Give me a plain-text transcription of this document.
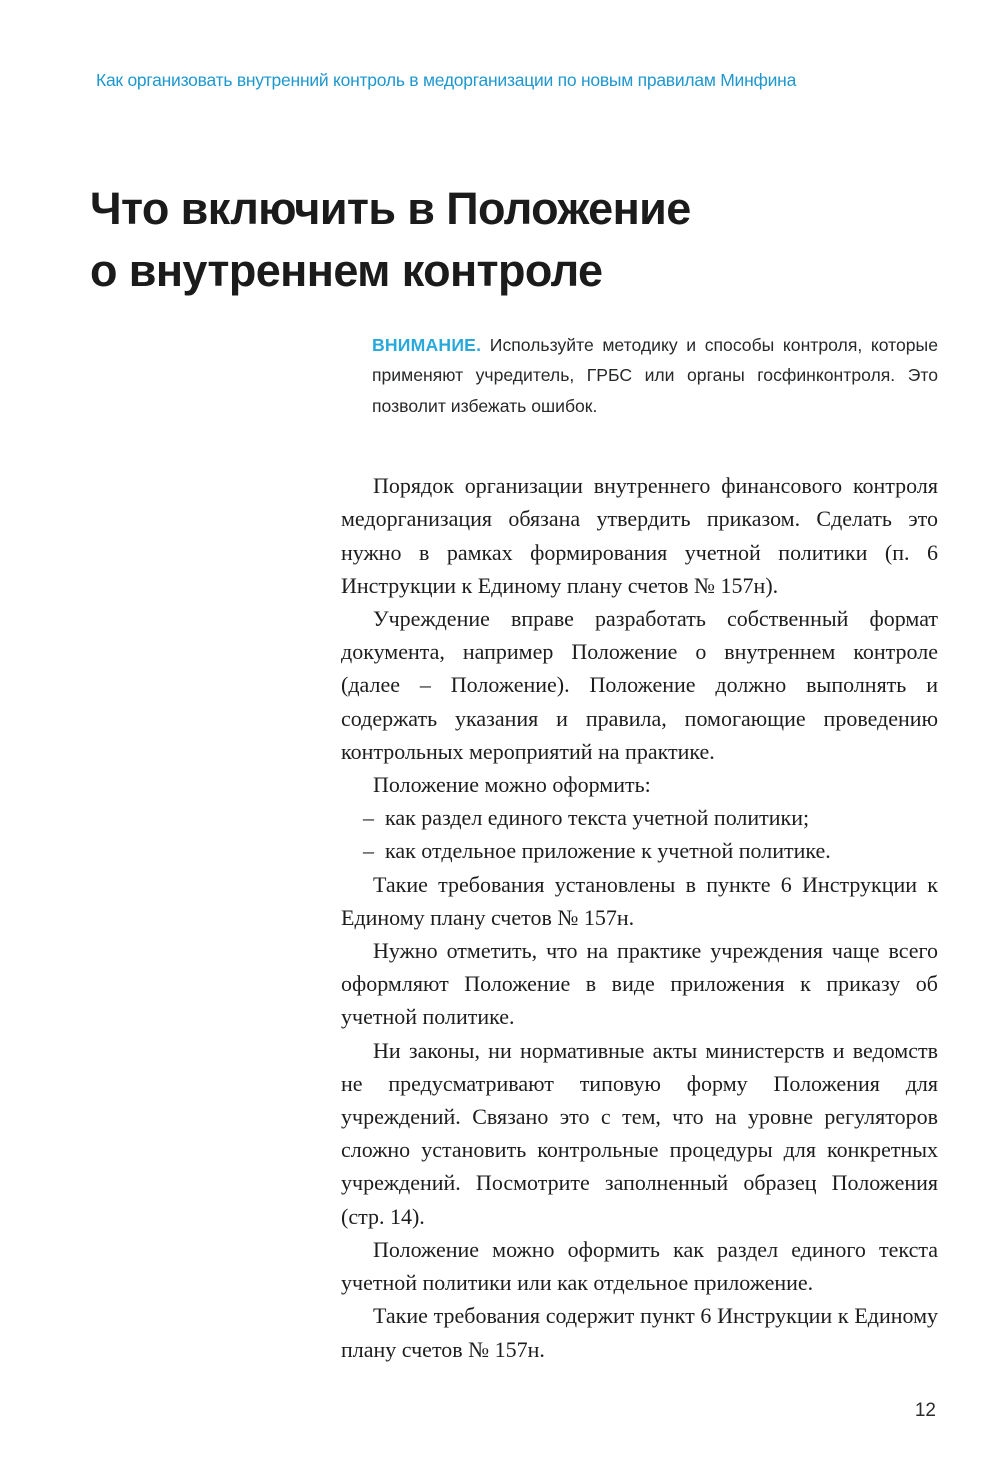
Как организовать внутренний контроль в медорганизации по новым правилам Минфина
Что включить в Положение
о внутреннем контроле
ВНИМАНИЕ. Используйте методику и способы контроля, которые применяют учредитель, ГРБС или органы госфинконтроля. Это позволит избежать ошибок.

Порядок организации внутреннего финансового контроля медорганизация обязана утвердить приказом. Сделать это нужно в рамках формирования учетной политики (п. 6 Инструкции к Единому плану счетов № 157н).

Учреждение вправе разработать собственный формат документа, например Положение о внутреннем контроле (далее – Положение). Положение должно выполнять и содержать указания и правила, помогающие проведению контрольных мероприятий на практике.

Положение можно оформить:

– как раздел единого текста учетной политики;
– как отдельное приложение к учетной политике.

Такие требования установлены в пункте 6 Инструкции к Единому плану счетов № 157н.

Нужно отметить, что на практике учреждения чаще всего оформляют Положение в виде приложения к приказу об учетной политике.

Ни законы, ни нормативные акты министерств и ведомств не предусматривают типовую форму Положения для учреждений. Связано это с тем, что на уровне регуляторов сложно установить контрольные процедуры для конкретных учреждений. Посмотрите заполненный образец Положения (стр. 14).

Положение можно оформить как раздел единого текста учетной политики или как отдельное приложение.

Такие требования содержит пункт 6 Инструкции к Единому плану счетов № 157н.

12
